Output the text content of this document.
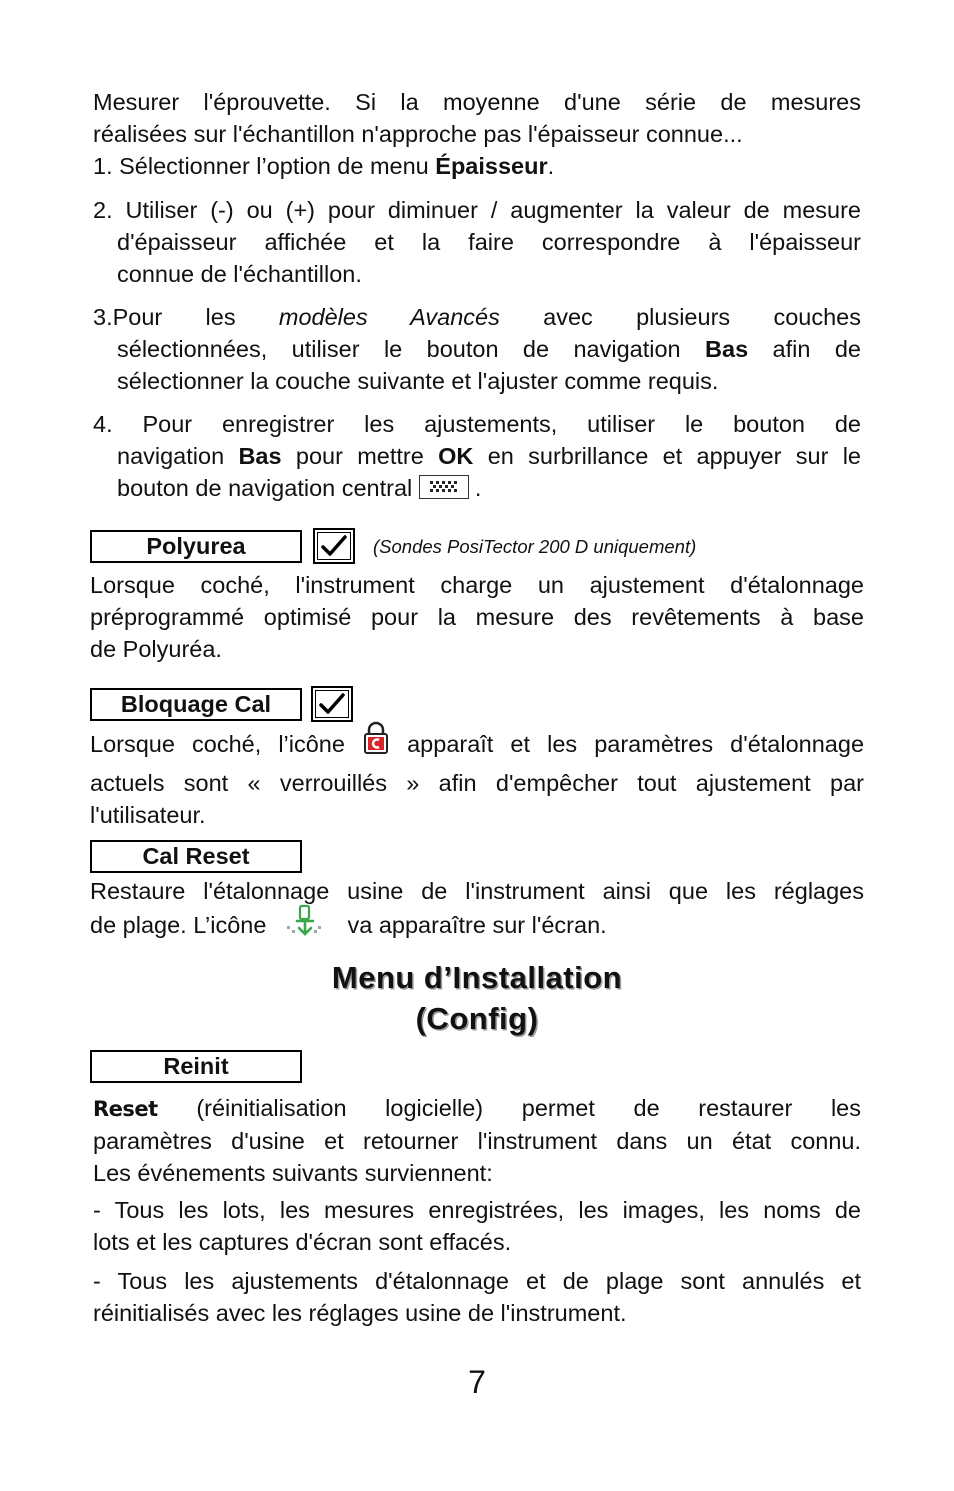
Mesurer l'éprouvette. Si la moyenne d'une série de mesures
réalisées sur l'échantillon n'approche pas l'épaisseur connue...
1. Sélectionner l’option de menu Épaisseur.
2. Utiliser (-) ou (+) pour diminuer / augmenter la valeur de mesure
d'épaisseur affichée et la faire correspondre à l'épaisseur
connue de l'échantillon.
3.Pour les modèles Avancés avec plusieurs couches
sélectionnées, utiliser le bouton de navigation Bas afin de
sélectionner la couche suivante et l'ajuster comme requis.
4. Pour enregistrer les ajustements, utiliser le bouton de
navigation Bas pour mettre OK en surbrillance et appuyer sur le
bouton de navigation central
.
Polyurea	(Sondes PosiTector 200 D uniquement)
Lorsque coché, l'instrument charge un ajustement d'étalonnage
préprogrammé optimisé pour la mesure des revêtements à base
de Polyuréa.
Bloquage Cal
Lorsque coché, l’icône  apparaît et les paramètres d'étalonnage
actuels sont « verrouillés » afin d'empêcher tout ajustement par
l'utilisateur.
Cal Reset
Restaure l'étalonnage usine de l'instrument ainsi que les réglages
de plage. L’icône	va apparaître sur l'écran.
Menu d’Installation
(Config)
Reinit
Reset (réinitialisation logicielle) permet de restaurer les
paramètres d'usine et retourner l'instrument dans un état connu.
Les événements suivants surviennent:
- Tous les lots, les mesures enregistrées, les images, les noms de
lots et les captures d'écran sont effacés.
- Tous les ajustements d'étalonnage et de plage sont annulés et
réinitialisés avec les réglages usine de l'instrument.
7
